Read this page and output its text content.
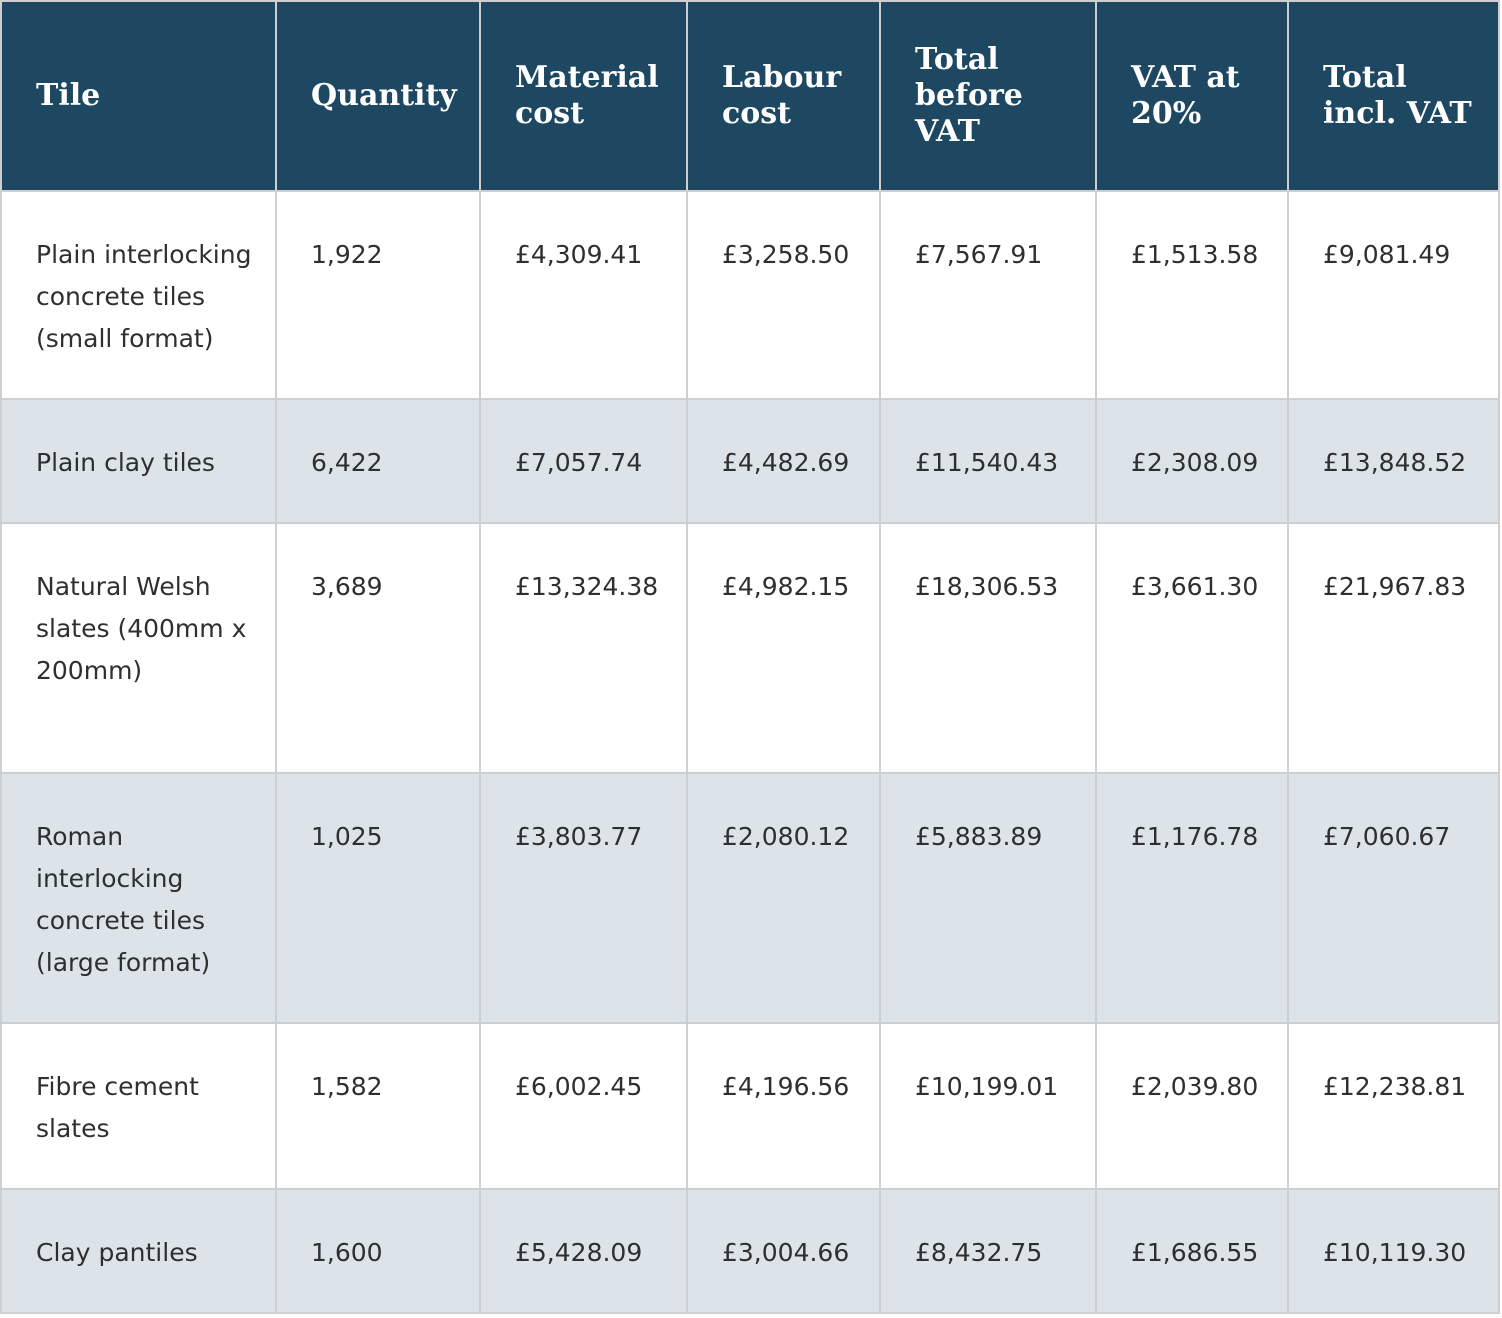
Tile	Quantity	Material cost	Labour cost	Total before VAT	VAT at 20%	Total incl. VAT
Plain interlocking concrete tiles (small format)	1,922	£4,309.41	£3,258.50	£7,567.91	£1,513.58	£9,081.49
Plain clay tiles	6,422	£7,057.74	£4,482.69	£11,540.43	£2,308.09	£13,848.52
Natural Welsh slates (400mm x 200mm)	3,689	£13,324.38	£4,982.15	£18,306.53	£3,661.30	£21,967.83
Roman interlocking concrete tiles (large format)	1,025	£3,803.77	£2,080.12	£5,883.89	£1,176.78	£7,060.67
Fibre cement slates	1,582	£6,002.45	£4,196.56	£10,199.01	£2,039.80	£12,238.81
Clay pantiles	1,600	£5,428.09	£3,004.66	£8,432.75	£1,686.55	£10,119.30
